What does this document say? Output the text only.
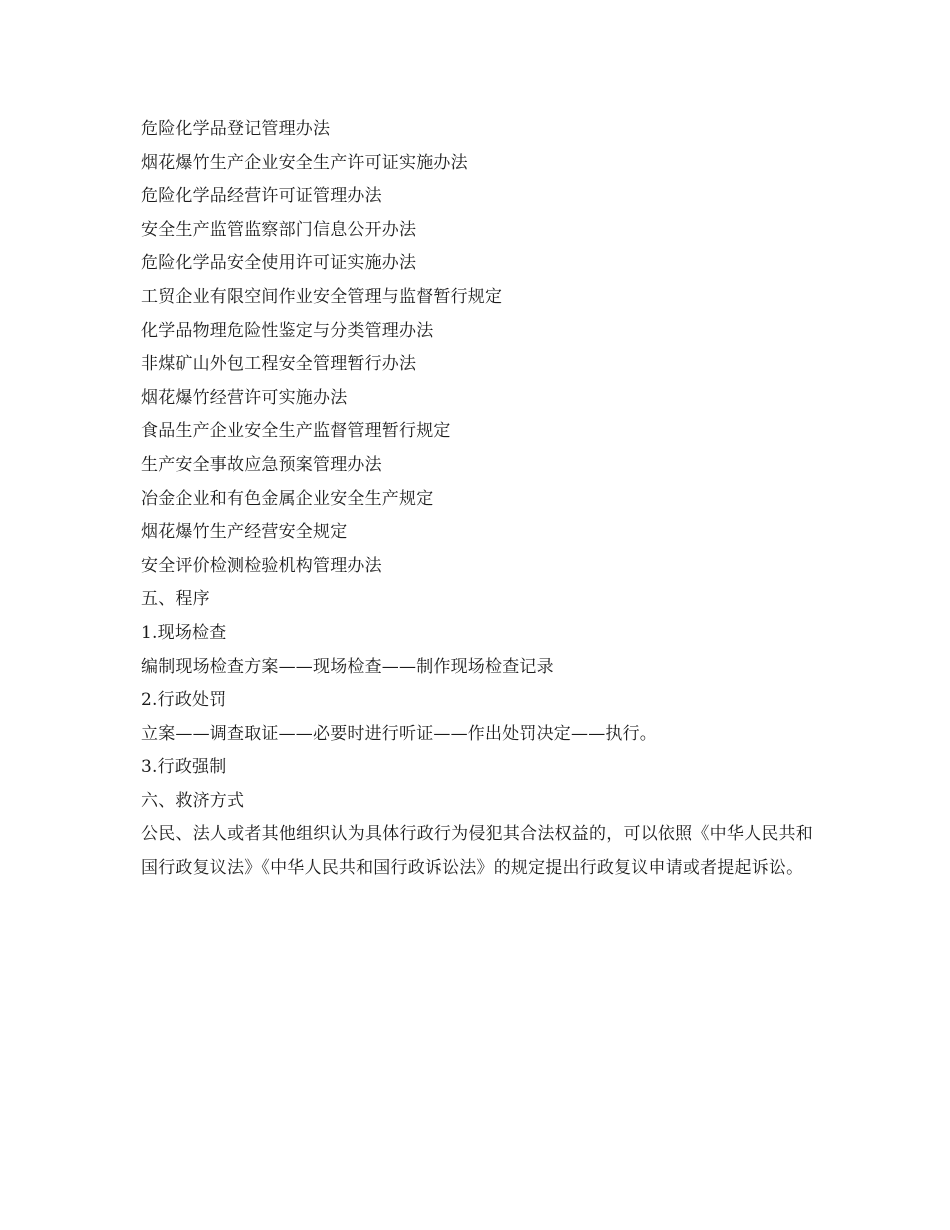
危险化学品登记管理办法
烟花爆竹生产企业安全生产许可证实施办法
危险化学品经营许可证管理办法
安全生产监管监察部门信息公开办法
危险化学品安全使用许可证实施办法
工贸企业有限空间作业安全管理与监督暂行规定
化学品物理危险性鉴定与分类管理办法
非煤矿山外包工程安全管理暂行办法
烟花爆竹经营许可实施办法
食品生产企业安全生产监督管理暂行规定
生产安全事故应急预案管理办法
冶金企业和有色金属企业安全生产规定
烟花爆竹生产经营安全规定
安全评价检测检验机构管理办法
五、程序
1.现场检查
编制现场检查方案——现场检查——制作现场检查记录
2.行政处罚
立案——调查取证——必要时进行听证——作出处罚决定——执行。
3.行政强制
六、救济方式
公民、法人或者其他组织认为具体行政行为侵犯其合法权益的，可以依照《中华人民共和国行政复议法》《中华人民共和国行政诉讼法》的规定提出行政复议申请或者提起诉讼。
